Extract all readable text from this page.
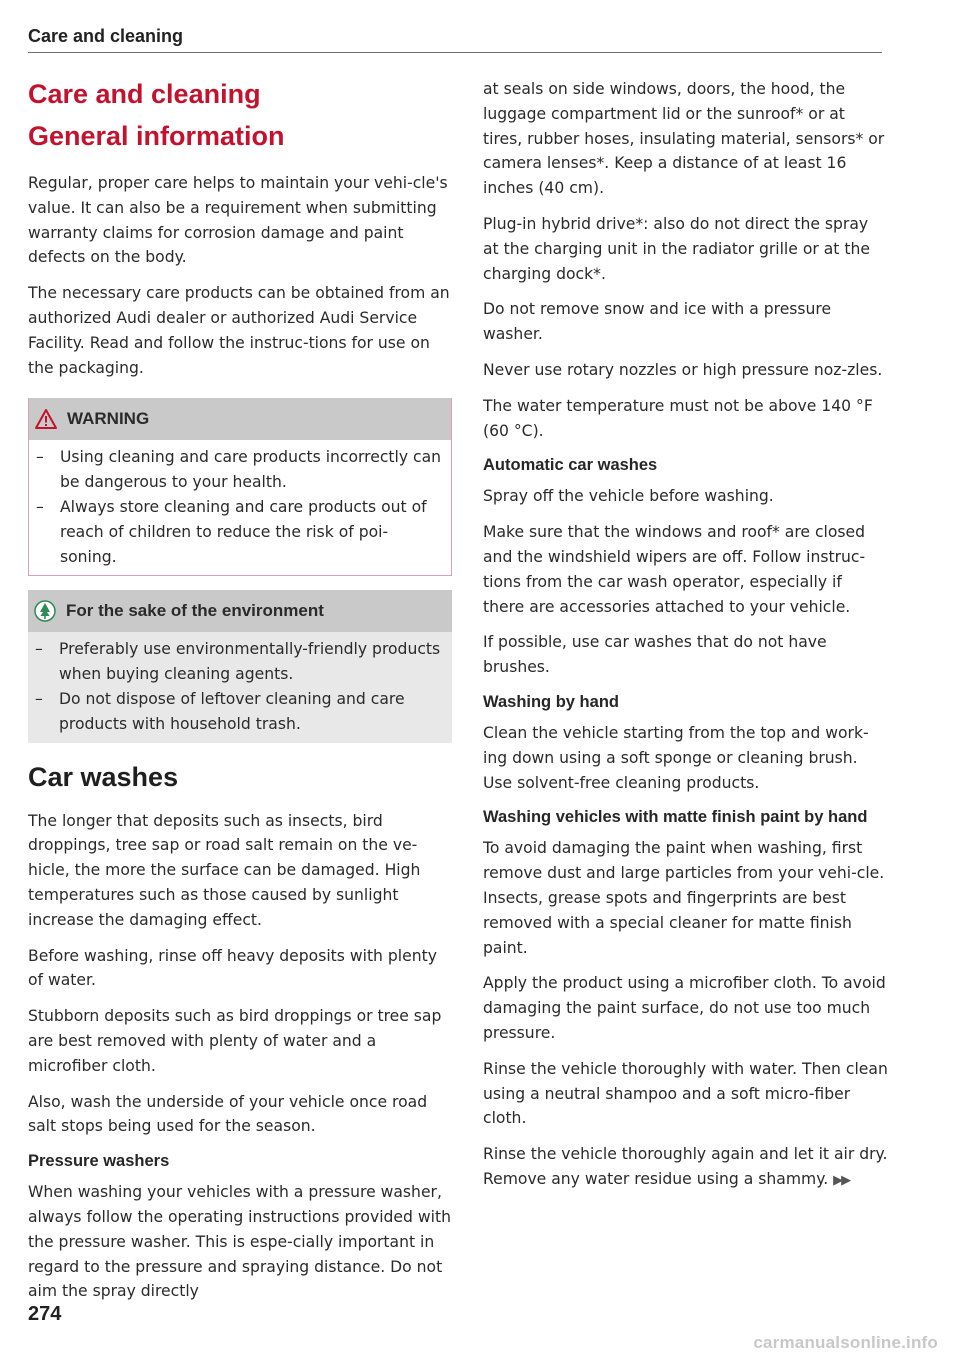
Care and cleaning
Care and cleaning
General information

Regular, proper care helps to maintain your vehi-cle's value. It can also be a requirement when submitting warranty claims for corrosion damage and paint defects on the body.

The necessary care products can be obtained from an authorized Audi dealer or authorized Audi Service Facility. Read and follow the instruc-tions for use on the packaging.

WARNING
– Using cleaning and care products incorrectly can be dangerous to your health.
– Always store cleaning and care products out of reach of children to reduce the risk of poi-soning.
For the sake of the environment
– Preferably use environmentally-friendly products when buying cleaning agents.
– Do not dispose of leftover cleaning and care products with household trash.
Car washes

The longer that deposits such as insects, bird droppings, tree sap or road salt remain on the ve-hicle, the more the surface can be damaged. High temperatures such as those caused by sunlight increase the damaging effect.

Before washing, rinse off heavy deposits with plenty of water.

Stubborn deposits such as bird droppings or tree sap are best removed with plenty of water and a microfiber cloth.

Also, wash the underside of your vehicle once road salt stops being used for the season.

Pressure washers

When washing your vehicles with a pressure washer, always follow the operating instructions provided with the pressure washer. This is espe-cially important in regard to the pressure and spraying distance. Do not aim the spray directly

at seals on side windows, doors, the hood, the luggage compartment lid or the sunroof* or at tires, rubber hoses, insulating material, sensors* or camera lenses*. Keep a distance of at least 16 inches (40 cm).

Plug-in hybrid drive*: also do not direct the spray at the charging unit in the radiator grille or at the charging dock*.

Do not remove snow and ice with a pressure washer.

Never use rotary nozzles or high pressure noz-zles.

The water temperature must not be above 140 °F (60 °C).

Automatic car washes

Spray off the vehicle before washing.

Make sure that the windows and roof* are closed and the windshield wipers are off. Follow instruc-tions from the car wash operator, especially if there are accessories attached to your vehicle.

If possible, use car washes that do not have brushes.

Washing by hand

Clean the vehicle starting from the top and work-ing down using a soft sponge or cleaning brush. Use solvent-free cleaning products.

Washing vehicles with matte finish paint by hand

To avoid damaging the paint when washing, first remove dust and large particles from your vehi-cle. Insects, grease spots and fingerprints are best removed with a special cleaner for matte finish paint.

Apply the product using a microfiber cloth. To avoid damaging the paint surface, do not use too much pressure.

Rinse the vehicle thoroughly with water. Then clean using a neutral shampoo and a soft micro-fiber cloth.

Rinse the vehicle thoroughly again and let it air dry. Remove any water residue using a shammy. ▶▶

274
carmanualsonline.info
